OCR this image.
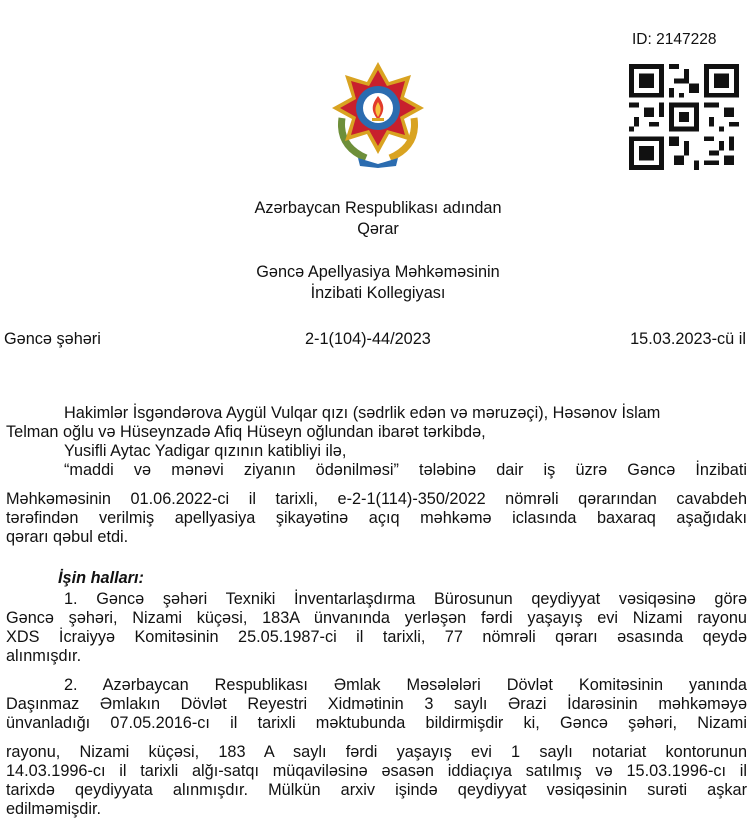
ID: 2147228
Azərbaycan Respublikası adından
Qərar
Gəncə Apellyasiya Məhkəməsinin
İnzibati Kollegiyası
Gəncə şəhəri	2-1(104)-44/2023	15.03.2023-cü il
Hakimlər İsgəndərova Aygül Vulqar qızı (sədrlik edən və məruzəçi), Həsənov İslam
Telman oğlu və Hüseynzadə Afiq Hüseyn oğlundan ibarət tərkibdə,
Yusifli Aytac Yadigar qızının katibliyi ilə,
“maddi və mənəvi ziyanın ödənilməsi” tələbinə dair iş üzrə Gəncə İnzibati
Məhkəməsinin 01.06.2022-ci il tarixli, e-2-1(114)-350/2022 nömrəli qərarından cavabdeh
tərəfindən verilmiş apellyasiya şikayətinə açıq məhkəmə iclasında baxaraq aşağıdakı
qərarı qəbul etdi.
İşin halları:
1. Gəncə şəhəri Texniki İnventarlaşdırma Bürosunun qeydiyyat vəsiqəsinə görə
Gəncə şəhəri, Nizami küçəsi, 183A ünvanında yerləşən fərdi yaşayış evi Nizami rayonu
XDS İcraiyyə Komitəsinin 25.05.1987-ci il tarixli, 77 nömrəli qərarı əsasında qeydə
alınmışdır.
2. Azərbaycan Respublikası Əmlak Məsələləri Dövlət Komitəsinin yanında
Daşınmaz Əmlakın Dövlət Reyestri Xidmətinin 3 saylı Ərazi İdarəsinin məhkəməyə
ünvanladığı 07.05.2016-cı il tarixli məktubunda bildirmişdir ki, Gəncə şəhəri, Nizami
rayonu, Nizami küçəsi, 183 A saylı fərdi yaşayış evi 1 saylı notariat kontorunun
14.03.1996-cı il tarixli alğı-satqı müqaviləsinə əsasən iddiaçıya satılmış və 15.03.1996-cı il
tarixdə qeydiyyata alınmışdır. Mülkün arxiv işində qeydiyyat vəsiqəsinin surəti aşkar
edilməmişdir.
